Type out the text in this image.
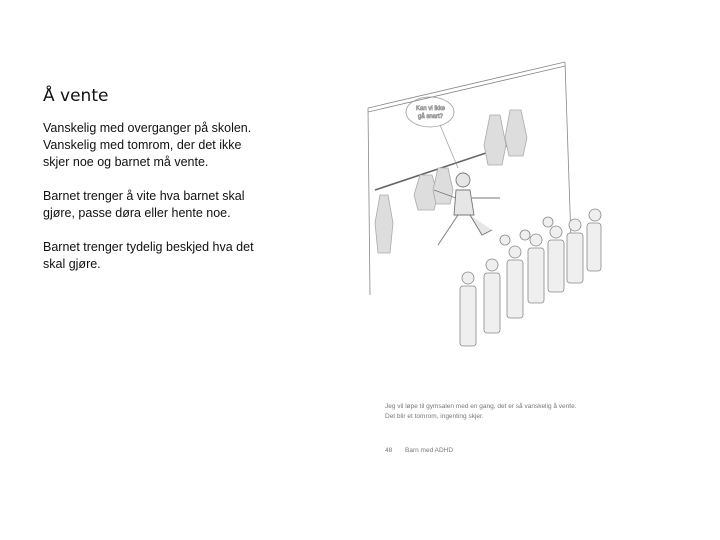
Å vente

Vanskelig med overganger på skolen.
Vanskelig med tomrom, der det ikke
skjer noe og barnet må vente.

Barnet trenger å vite hva barnet skal
gjøre, passe døra eller hente noe.

Barnet trenger tydelig beskjed hva det
skal gjøre.

Kan vi ikke
gå snart?
Jeg vil løpe til gymsalen med en gang, det er så vanskelig å vente.
Det blir et tomrom, ingenting skjer.
48 Barn med ADHD
